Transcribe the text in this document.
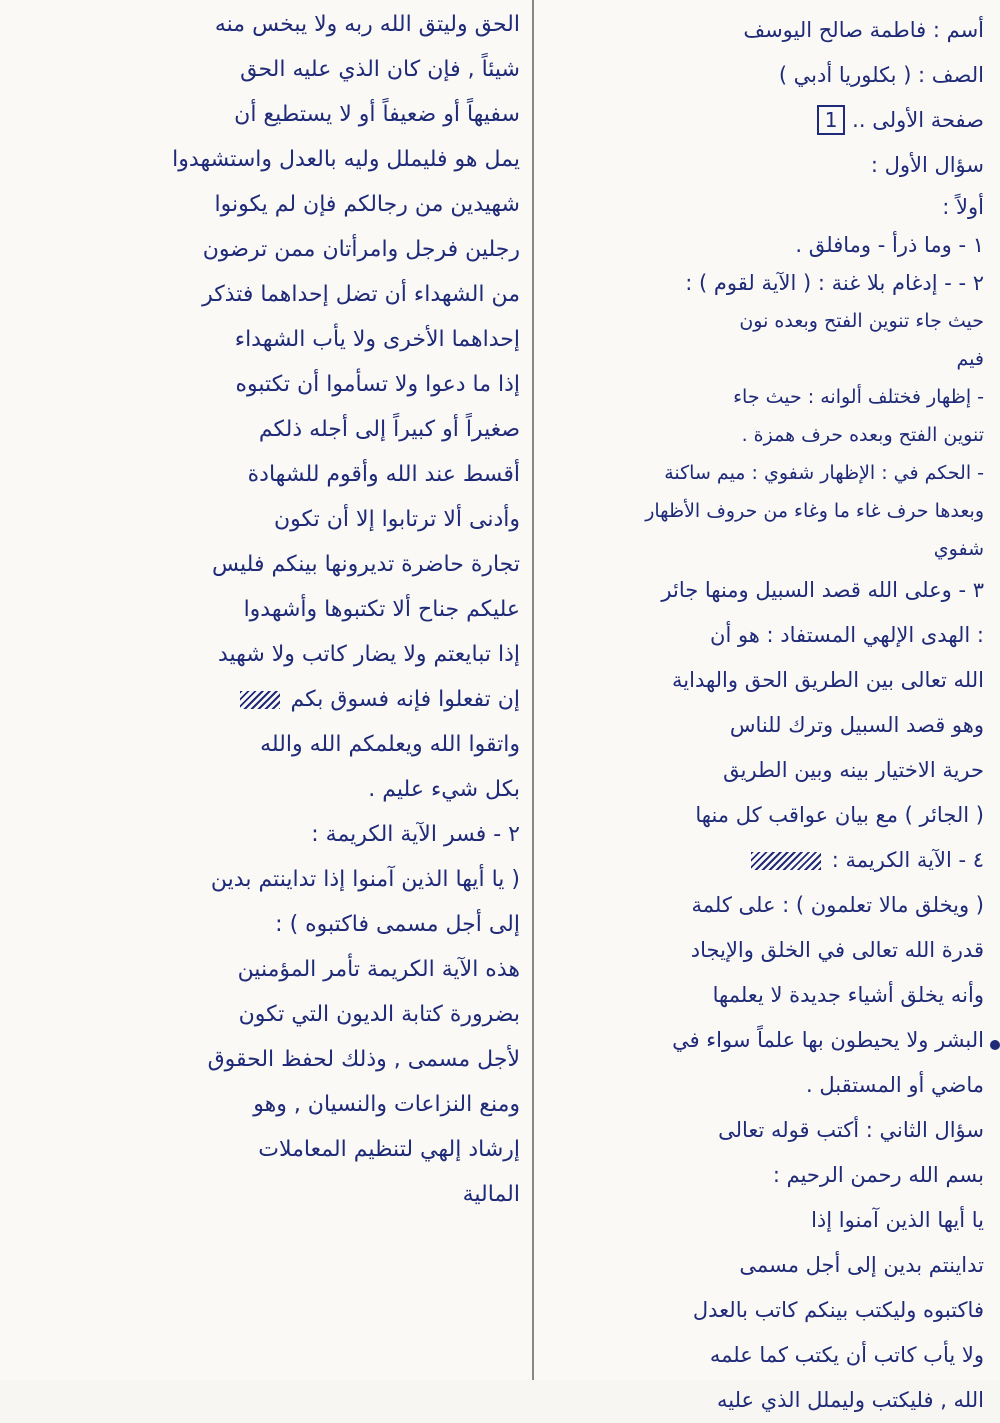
أسم : فاطمة صالح اليوسف
الصف : ( بكلوريا أدبي )
صفحة الأولى .. 1
سؤال الأول :
أولاً :
١ - وما ذرأ - ومافلق .
٢ - - إدغام بلا غنة : ( الآية لقوم ) :
حيث جاء تنوين الفتح وبعده نون
فيم
- إظهار فختلف ألوانه : حيث جاء
تنوين الفتح وبعده حرف همزة .
- الحكم في : الإظهار شفوي : ميم ساكنة
وبعدها حرف غاء ما وغاء من حروف الأظهار
شفوي
٣ - وعلى الله قصد السبيل ومنها جائر
: الهدى الإلهي المستفاد : هو أن
الله تعالى بين الطريق الحق والهداية
وهو قصد السبيل وترك للناس
حرية الاختيار بينه وبين الطريق
( الجائر ) مع بيان عواقب كل منها
٤ - الآية الكريمة :
( ويخلق مالا تعلمون ) : على كلمة
قدرة الله تعالى في الخلق والإيجاد
وأنه يخلق أشياء جديدة لا يعلمها
البشر ولا يحيطون بها علماً سواء في
ماضي أو المستقبل .
سؤال الثاني : أكتب قوله تعالى
بسم الله رحمن الرحيم :
يا أيها الذين آمنوا إذا
تداينتم بدين إلى أجل مسمى
فاكتبوه وليكتب بينكم كاتب بالعدل
ولا يأب كاتب أن يكتب كما علمه
الله , فليكتب وليملل الذي عليه
الحق وليتق الله ربه ولا يبخس منه
شيئاً , فإن كان الذي عليه الحق
سفيهاً أو ضعيفاً أو لا يستطيع أن
يمل هو فليملل وليه بالعدل واستشهدوا
شهيدين من رجالكم فإن لم يكونوا
رجلين فرجل وامرأتان ممن ترضون
من الشهداء أن تضل إحداهما فتذكر
إحداهما الأخرى ولا يأب الشهداء
إذا ما دعوا ولا تسأموا أن تكتبوه
صغيراً أو كبيراً إلى أجله ذلكم
أقسط عند الله وأقوم للشهادة
وأدنى ألا ترتابوا إلا أن تكون
تجارة حاضرة تديرونها بينكم فليس
عليكم جناح ألا تكتبوها وأشهدوا
إذا تبايعتم ولا يضار كاتب ولا شهيد
إن تفعلوا فإنه فسوق بكم
واتقوا الله ويعلمكم الله والله
بكل شيء عليم .
٢ - فسر الآية الكريمة :
( يا أيها الذين آمنوا إذا تداينتم بدين
إلى أجل مسمى فاكتبوه ) :
هذه الآية الكريمة تأمر المؤمنين
بضرورة كتابة الديون التي تكون
لأجل مسمى , وذلك لحفظ الحقوق
ومنع النزاعات والنسيان , وهو
إرشاد إلهي لتنظيم المعاملات
المالية
